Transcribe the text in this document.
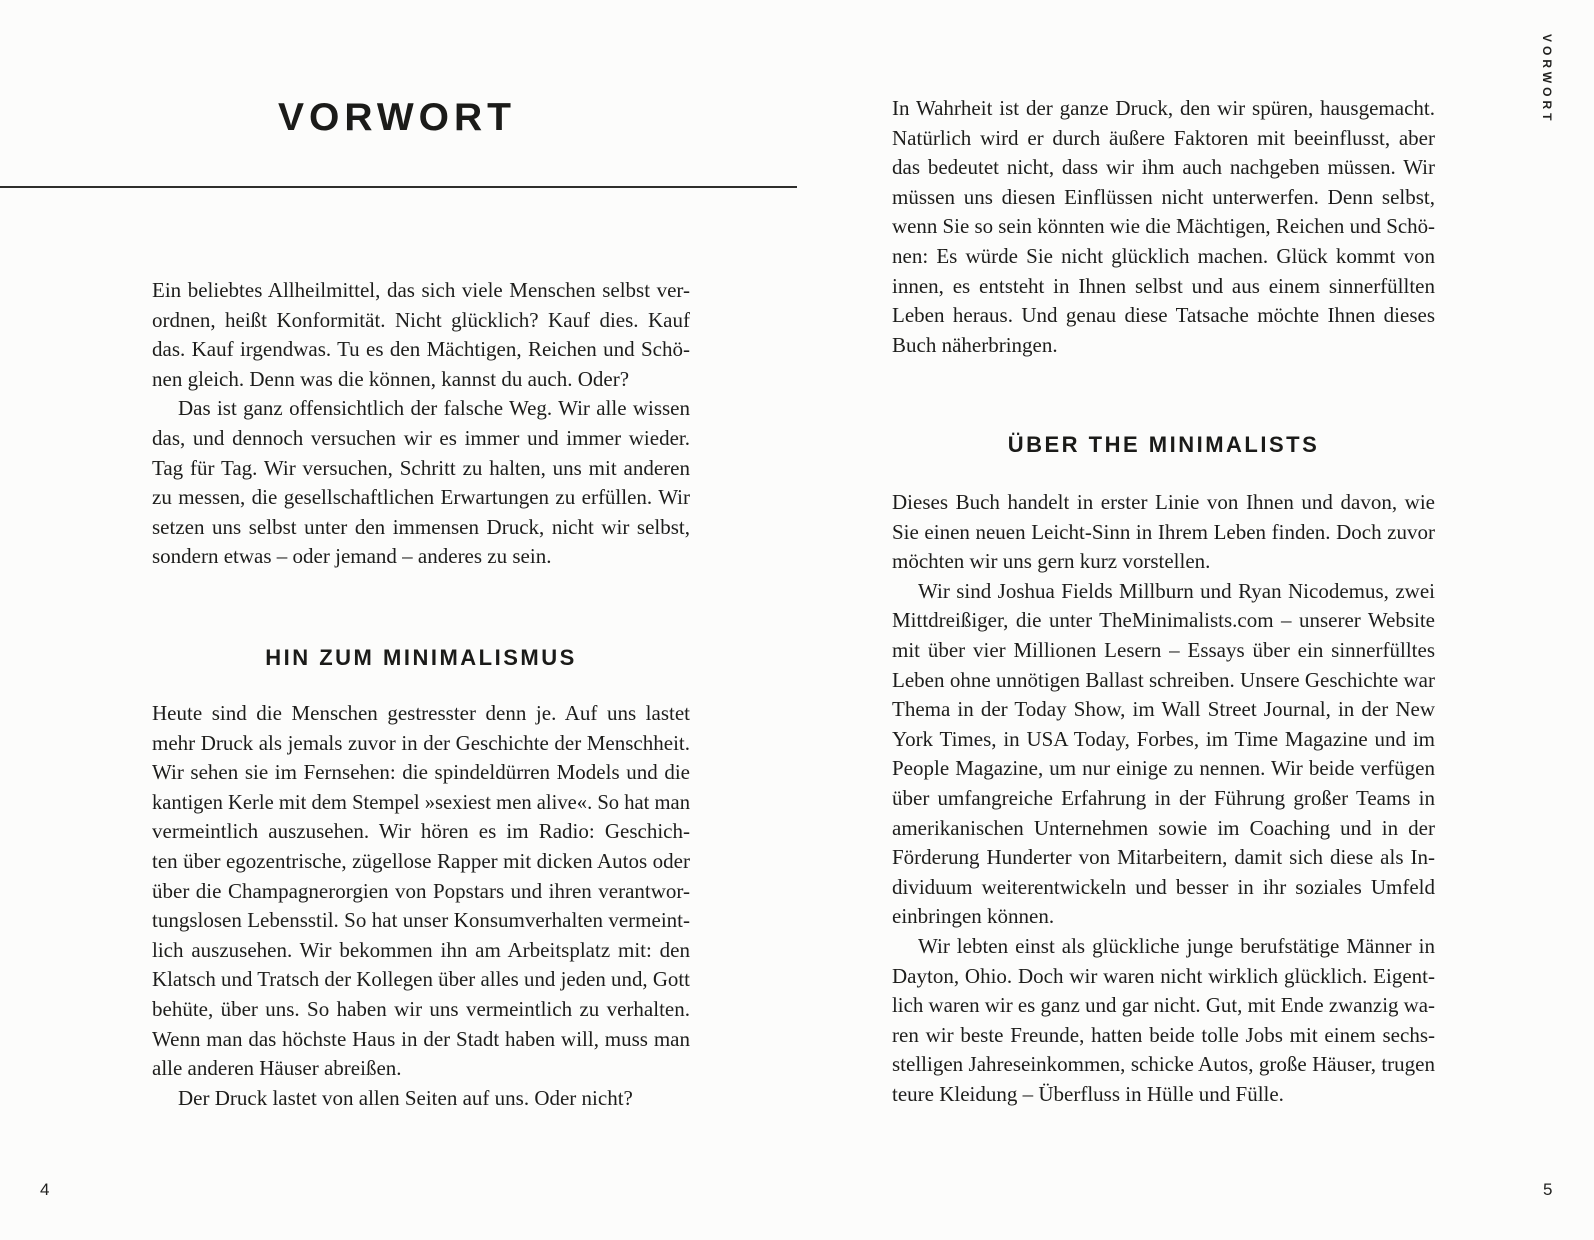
VORWORT
Ein beliebtes Allheilmittel, das sich viele Menschen selbst ver-
ordnen, heißt Konformität. Nicht glücklich? Kauf dies. Kauf
das. Kauf irgendwas. Tu es den Mächtigen, Reichen und Schö-
nen gleich. Denn was die können, kannst du auch. Oder?
Das ist ganz offensichtlich der falsche Weg. Wir alle wissen
das, und dennoch versuchen wir es immer und immer wieder.
Tag für Tag. Wir versuchen, Schritt zu halten, uns mit anderen
zu messen, die gesellschaftlichen Erwartungen zu erfüllen. Wir
setzen uns selbst unter den immensen Druck, nicht wir selbst,
sondern etwas – oder jemand – anderes zu sein.
HIN ZUM MINIMALISMUS
Heute sind die Menschen gestresster denn je. Auf uns lastet
mehr Druck als jemals zuvor in der Geschichte der Menschheit.
Wir sehen sie im Fernsehen: die spindeldürren Models und die
kantigen Kerle mit dem Stempel »sexiest men alive«. So hat man
vermeintlich auszusehen. Wir hören es im Radio: Geschich-
ten über egozentrische, zügellose Rapper mit dicken Autos oder
über die Champagnerorgien von Popstars und ihren verantwor-
tungslosen Lebensstil. So hat unser Konsumverhalten vermeint-
lich auszusehen. Wir bekommen ihn am Arbeitsplatz mit: den
Klatsch und Tratsch der Kollegen über alles und jeden und, Gott
behüte, über uns. So haben wir uns vermeintlich zu verhalten.
Wenn man das höchste Haus in der Stadt haben will, muss man
alle anderen Häuser abreißen.
Der Druck lastet von allen Seiten auf uns. Oder nicht?
4
VORWORT
In Wahrheit ist der ganze Druck, den wir spüren, hausgemacht.
Natürlich wird er durch äußere Faktoren mit beeinflusst, aber
das bedeutet nicht, dass wir ihm auch nachgeben müssen. Wir
müssen uns diesen Einflüssen nicht unterwerfen. Denn selbst,
wenn Sie so sein könnten wie die Mächtigen, Reichen und Schö-
nen: Es würde Sie nicht glücklich machen. Glück kommt von
innen, es entsteht in Ihnen selbst und aus einem sinnerfüllten
Leben heraus. Und genau diese Tatsache möchte Ihnen dieses
Buch näherbringen.
ÜBER THE MINIMALISTS
Dieses Buch handelt in erster Linie von Ihnen und davon, wie
Sie einen neuen Leicht-Sinn in Ihrem Leben finden. Doch zuvor
möchten wir uns gern kurz vorstellen.
Wir sind Joshua Fields Millburn und Ryan Nicodemus, zwei
Mittdreißiger, die unter TheMinimalists.com – unserer Website
mit über vier Millionen Lesern – Essays über ein sinnerfülltes
Leben ohne unnötigen Ballast schreiben. Unsere Geschichte war
Thema in der Today Show, im Wall Street Journal, in der New
York Times, in USA Today, Forbes, im Time Magazine und im
People Magazine, um nur einige zu nennen. Wir beide verfügen
über umfangreiche Erfahrung in der Führung großer Teams in
amerikanischen Unternehmen sowie im Coaching und in der
Förderung Hunderter von Mitarbeitern, damit sich diese als In-
dividuum weiterentwickeln und besser in ihr soziales Umfeld
einbringen können.
Wir lebten einst als glückliche junge berufstätige Männer in
Dayton, Ohio. Doch wir waren nicht wirklich glücklich. Eigent-
lich waren wir es ganz und gar nicht. Gut, mit Ende zwanzig wa-
ren wir beste Freunde, hatten beide tolle Jobs mit einem sechs-
stelligen Jahreseinkommen, schicke Autos, große Häuser, trugen
teure Kleidung – Überfluss in Hülle und Fülle.
5
